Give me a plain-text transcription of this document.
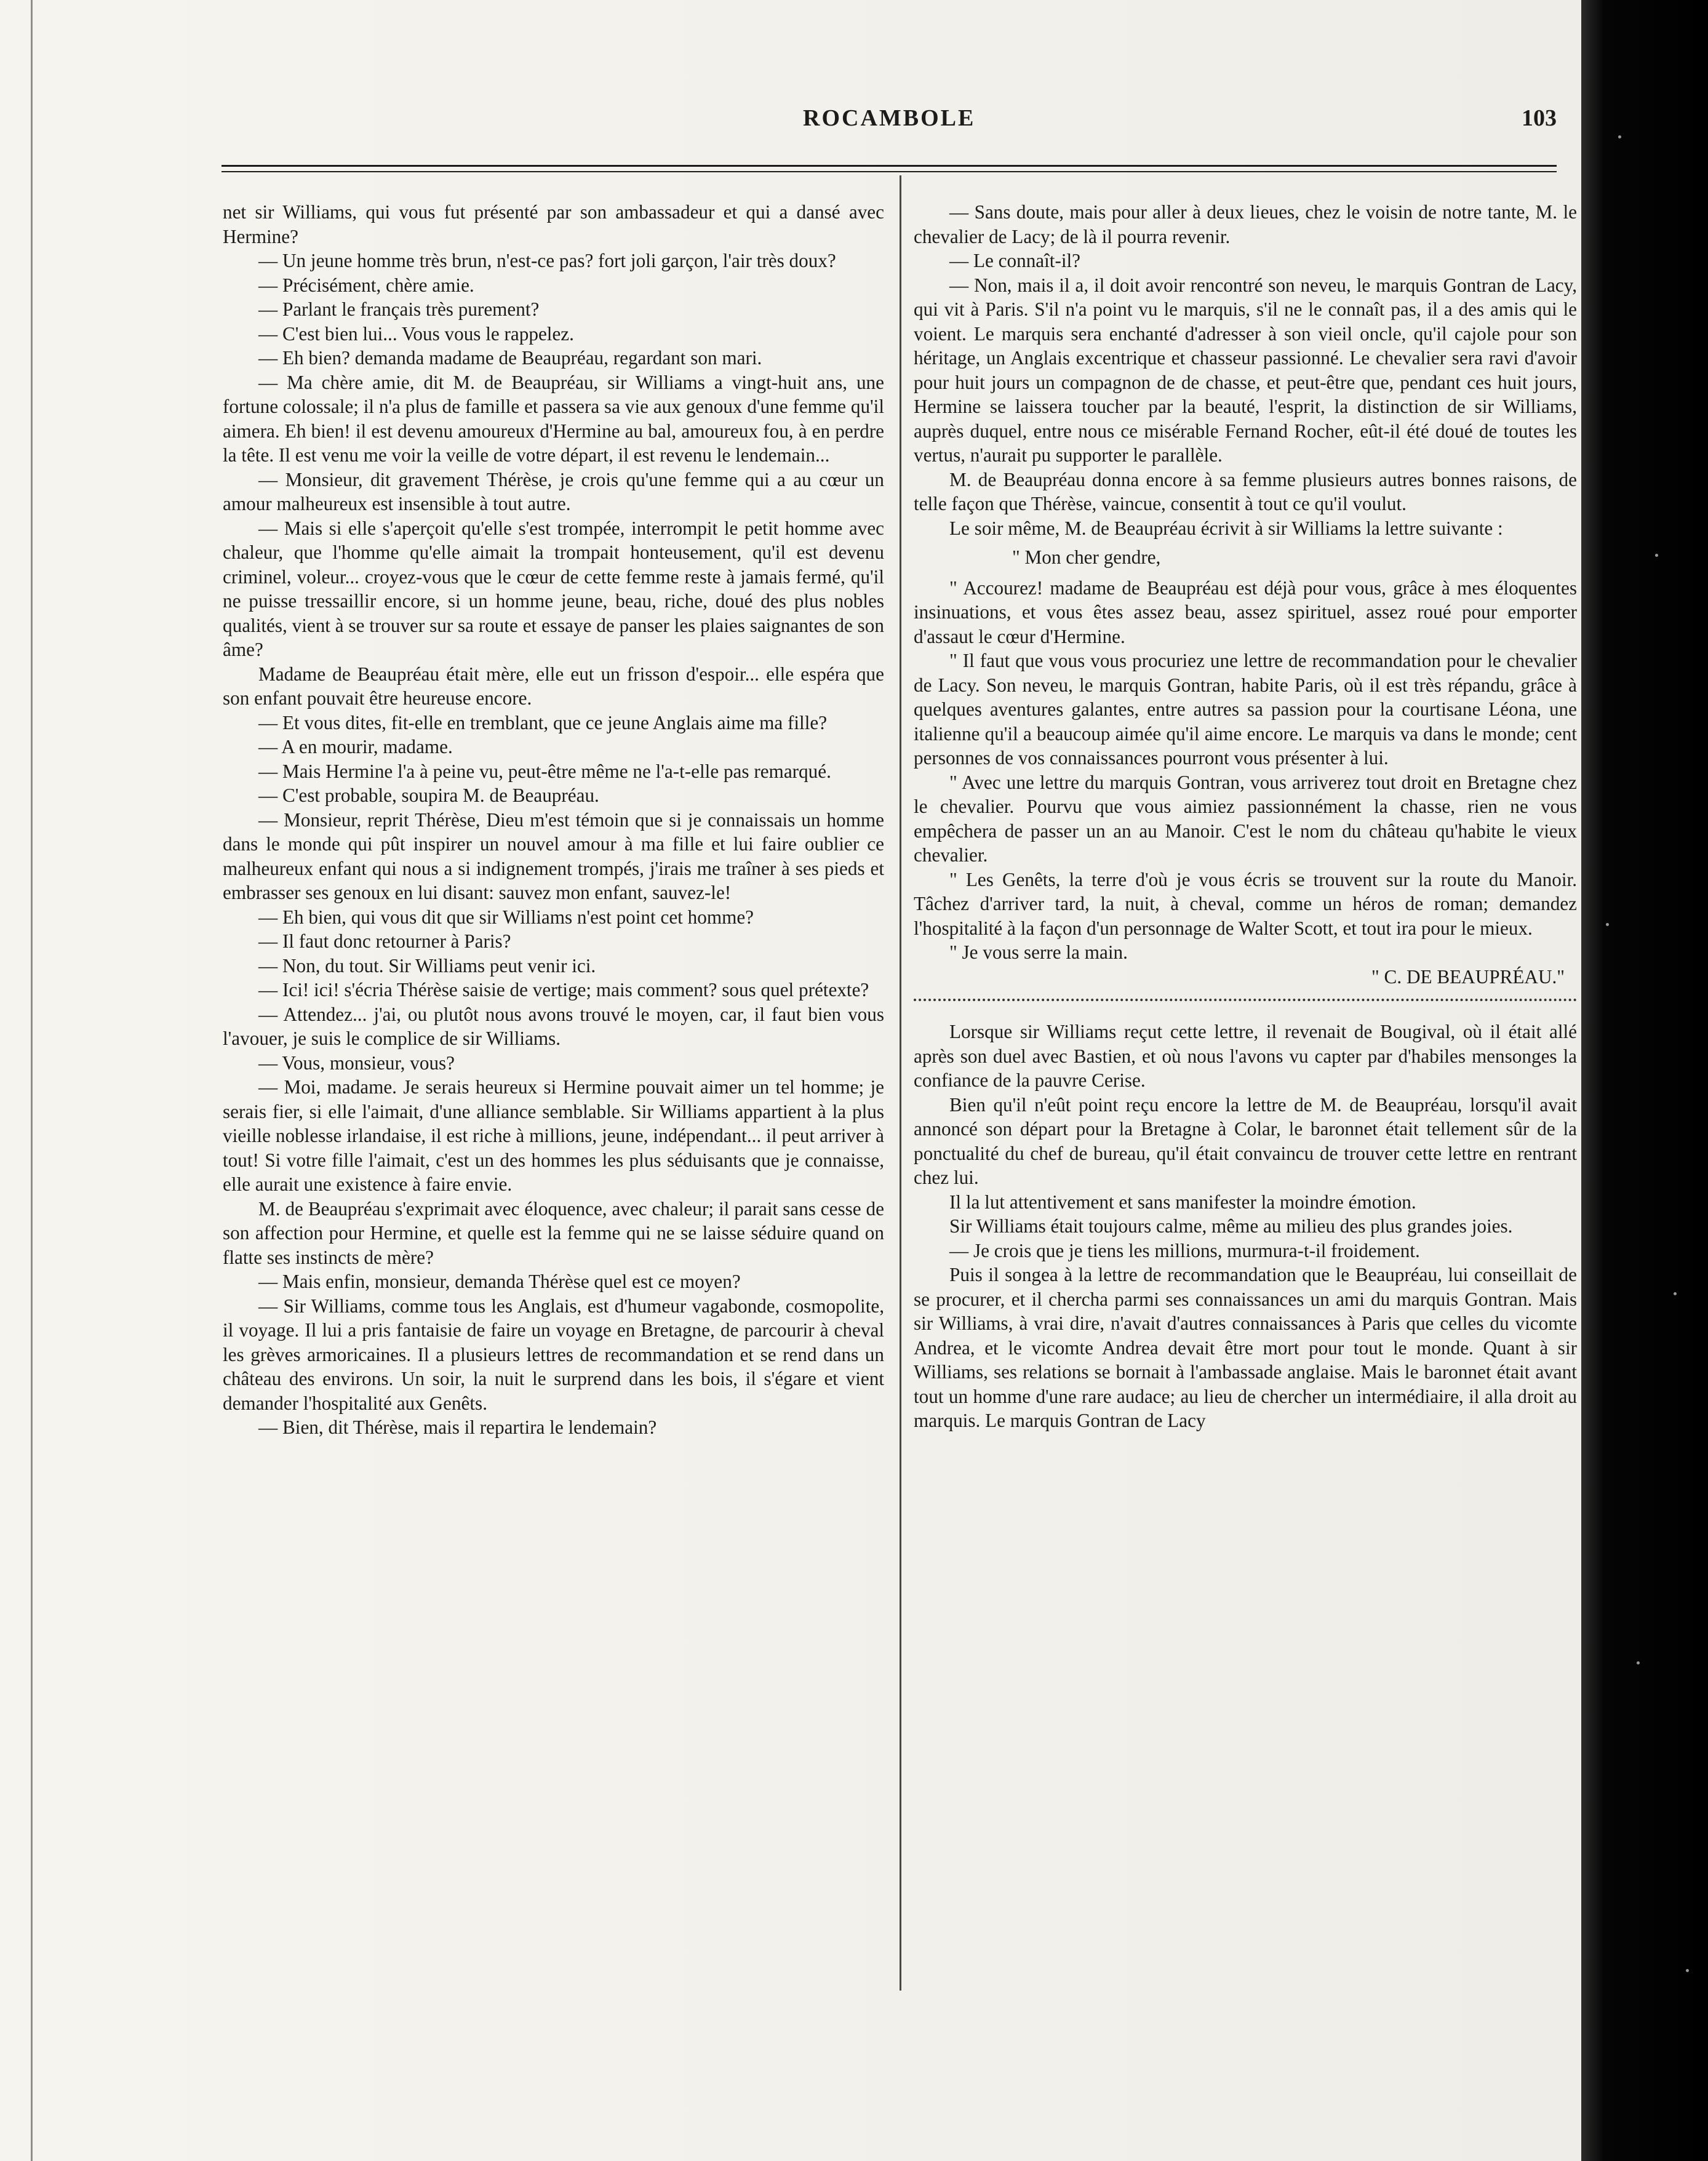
ROCAMBOLE	103

net sir Williams, qui vous fut présenté par son ambassadeur et qui a dansé avec Hermine?

— Un jeune homme très brun, n'est-ce pas? fort joli garçon, l'air très doux?

— Précisément, chère amie.

— Parlant le français très purement?

— C'est bien lui... Vous vous le rappelez.

— Eh bien? demanda madame de Beaupréau, regardant son mari.

— Ma chère amie, dit M. de Beaupréau, sir Williams a vingt-huit ans, une fortune colossale; il n'a plus de famille et passera sa vie aux genoux d'une femme qu'il aimera. Eh bien! il est devenu amoureux d'Hermine au bal, amoureux fou, à en perdre la tête. Il est venu me voir la veille de votre départ, il est revenu le lendemain...

— Monsieur, dit gravement Thérèse, je crois qu'une femme qui a au cœur un amour malheureux est insensible à tout autre.

— Mais si elle s'aperçoit qu'elle s'est trompée, interrompit le petit homme avec chaleur, que l'homme qu'elle aimait la trompait honteusement, qu'il est devenu criminel, voleur... croyez-vous que le cœur de cette femme reste à jamais fermé, qu'il ne puisse tressaillir encore, si un homme jeune, beau, riche, doué des plus nobles qualités, vient à se trouver sur sa route et essaye de panser les plaies saignantes de son âme?

Madame de Beaupréau était mère, elle eut un frisson d'espoir... elle espéra que son enfant pouvait être heureuse encore.

— Et vous dites, fit-elle en tremblant, que ce jeune Anglais aime ma fille?

— A en mourir, madame.

— Mais Hermine l'a à peine vu, peut-être même ne l'a-t-elle pas remarqué.

— C'est probable, soupira M. de Beaupréau.

— Monsieur, reprit Thérèse, Dieu m'est témoin que si je connaissais un homme dans le monde qui pût inspirer un nouvel amour à ma fille et lui faire oublier ce malheureux enfant qui nous a si indignement trompés, j'irais me traîner à ses pieds et embrasser ses genoux en lui disant: sauvez mon enfant, sauvez-le!

— Eh bien, qui vous dit que sir Williams n'est point cet homme?

— Il faut donc retourner à Paris?

— Non, du tout. Sir Williams peut venir ici.

— Ici! ici! s'écria Thérèse saisie de vertige; mais comment? sous quel prétexte?

— Attendez... j'ai, ou plutôt nous avons trouvé le moyen, car, il faut bien vous l'avouer, je suis le complice de sir Williams.

— Vous, monsieur, vous?

— Moi, madame. Je serais heureux si Hermine pouvait aimer un tel homme; je serais fier, si elle l'aimait, d'une alliance semblable. Sir Williams appartient à la plus vieille noblesse irlandaise, il est riche à millions, jeune, indépendant... il peut arriver à tout! Si votre fille l'aimait, c'est un des hommes les plus séduisants que je connaisse, elle aurait une existence à faire envie.

M. de Beaupréau s'exprimait avec éloquence, avec chaleur; il parait sans cesse de son affection pour Hermine, et quelle est la femme qui ne se laisse séduire quand on flatte ses instincts de mère?

— Mais enfin, monsieur, demanda Thérèse quel est ce moyen?

— Sir Williams, comme tous les Anglais, est d'humeur vagabonde, cosmopolite, il voyage. Il lui a pris fantaisie de faire un voyage en Bretagne, de parcourir à cheval les grèves armoricaines. Il a plusieurs lettres de recommandation et se rend dans un château des environs. Un soir, la nuit le surprend dans les bois, il s'égare et vient demander l'hospitalité aux Genêts.

— Bien, dit Thérèse, mais il repartira le lendemain?

— Sans doute, mais pour aller à deux lieues, chez le voisin de notre tante, M. le chevalier de Lacy; de là il pourra revenir.

— Le connaît-il?

— Non, mais il a, il doit avoir rencontré son neveu, le marquis Gontran de Lacy, qui vit à Paris. S'il n'a point vu le marquis, s'il ne le connaît pas, il a des amis qui le voient. Le marquis sera enchanté d'adresser à son vieil oncle, qu'il cajole pour son héritage, un Anglais excentrique et chasseur passionné. Le chevalier sera ravi d'avoir pour huit jours un compagnon de de chasse, et peut-être que, pendant ces huit jours, Hermine se laissera toucher par la beauté, l'esprit, la distinction de sir Williams, auprès duquel, entre nous ce misérable Fernand Rocher, eût-il été doué de toutes les vertus, n'aurait pu supporter le parallèle.

M. de Beaupréau donna encore à sa femme plusieurs autres bonnes raisons, de telle façon que Thérèse, vaincue, consentit à tout ce qu'il voulut.

Le soir même, M. de Beaupréau écrivit à sir Williams la lettre suivante :

" Mon cher gendre,

" Accourez! madame de Beaupréau est déjà pour vous, grâce à mes éloquentes insinuations, et vous êtes assez beau, assez spirituel, assez roué pour emporter d'assaut le cœur d'Hermine.

" Il faut que vous vous procuriez une lettre de recommandation pour le chevalier de Lacy. Son neveu, le marquis Gontran, habite Paris, où il est très répandu, grâce à quelques aventures galantes, entre autres sa passion pour la courtisane Léona, une italienne qu'il a beaucoup aimée qu'il aime encore. Le marquis va dans le monde; cent personnes de vos connaissances pourront vous présenter à lui.

" Avec une lettre du marquis Gontran, vous arriverez tout droit en Bretagne chez le chevalier. Pourvu que vous aimiez passionnément la chasse, rien ne vous empêchera de passer un an au Manoir. C'est le nom du château qu'habite le vieux chevalier.

" Les Genêts, la terre d'où je vous écris se trouvent sur la route du Manoir. Tâchez d'arriver tard, la nuit, à cheval, comme un héros de roman; demandez l'hospitalité à la façon d'un personnage de Walter Scott, et tout ira pour le mieux.

" Je vous serre la main.

" C. DE BEAUPRÉAU."

Lorsque sir Williams reçut cette lettre, il revenait de Bougival, où il était allé après son duel avec Bastien, et où nous l'avons vu capter par d'habiles mensonges la confiance de la pauvre Cerise.

Bien qu'il n'eût point reçu encore la lettre de M. de Beaupréau, lorsqu'il avait annoncé son départ pour la Bretagne à Colar, le baronnet était tellement sûr de la ponctualité du chef de bureau, qu'il était convaincu de trouver cette lettre en rentrant chez lui.

Il la lut attentivement et sans manifester la moindre émotion.

Sir Williams était toujours calme, même au milieu des plus grandes joies.

— Je crois que je tiens les millions, murmura-t-il froidement.

Puis il songea à la lettre de recommandation que le Beaupréau, lui conseillait de se procurer, et il chercha parmi ses connaissances un ami du marquis Gontran. Mais sir Williams, à vrai dire, n'avait d'autres connaissances à Paris que celles du vicomte Andrea, et le vicomte Andrea devait être mort pour tout le monde. Quant à sir Williams, ses relations se bornait à l'ambassade anglaise. Mais le baronnet était avant tout un homme d'une rare audace; au lieu de chercher un intermédiaire, il alla droit au marquis. Le marquis Gontran de Lacy
